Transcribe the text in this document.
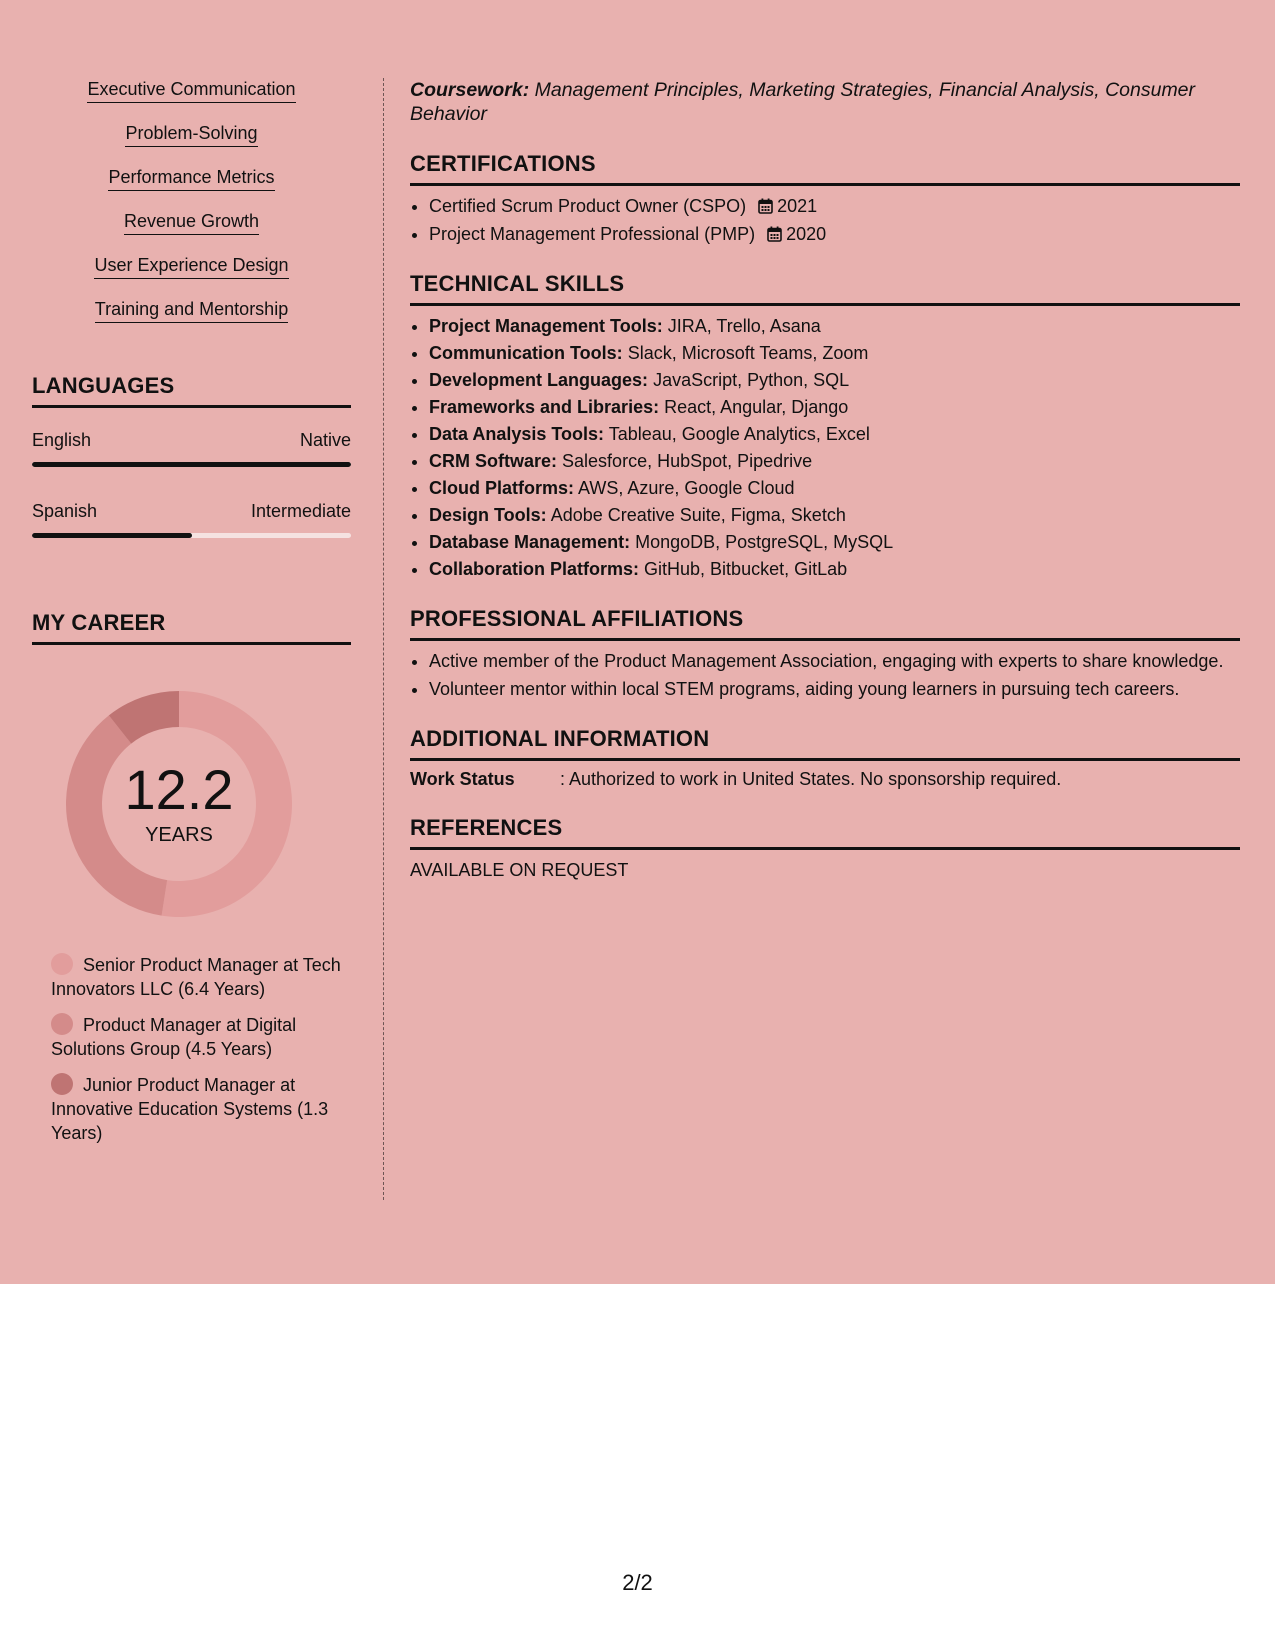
Executive Communication
Problem-Solving
Performance Metrics
Revenue Growth
User Experience Design
Training and Mentorship
LANGUAGES
English	Native
Spanish	Intermediate
MY CAREER
12.2
YEARS
Senior Product Manager at Tech Innovators LLC (6.4 Years)
Product Manager at Digital Solutions Group (4.5 Years)
Junior Product Manager at Innovative Education Systems (1.3 Years)
Coursework: Management Principles, Marketing Strategies, Financial Analysis, Consumer Behavior
CERTIFICATIONS
• Certified Scrum Product Owner (CSPO) 2021
• Project Management Professional (PMP) 2020
TECHNICAL SKILLS
• Project Management Tools: JIRA, Trello, Asana
• Communication Tools: Slack, Microsoft Teams, Zoom
• Development Languages: JavaScript, Python, SQL
• Frameworks and Libraries: React, Angular, Django
• Data Analysis Tools: Tableau, Google Analytics, Excel
• CRM Software: Salesforce, HubSpot, Pipedrive
• Cloud Platforms: AWS, Azure, Google Cloud
• Design Tools: Adobe Creative Suite, Figma, Sketch
• Database Management: MongoDB, PostgreSQL, MySQL
• Collaboration Platforms: GitHub, Bitbucket, GitLab
PROFESSIONAL AFFILIATIONS
• Active member of the Product Management Association, engaging with experts to share knowledge.
• Volunteer mentor within local STEM programs, aiding young learners in pursuing tech careers.
ADDITIONAL INFORMATION
Work Status	: Authorized to work in United States. No sponsorship required.
REFERENCES
AVAILABLE ON REQUEST
2/2
